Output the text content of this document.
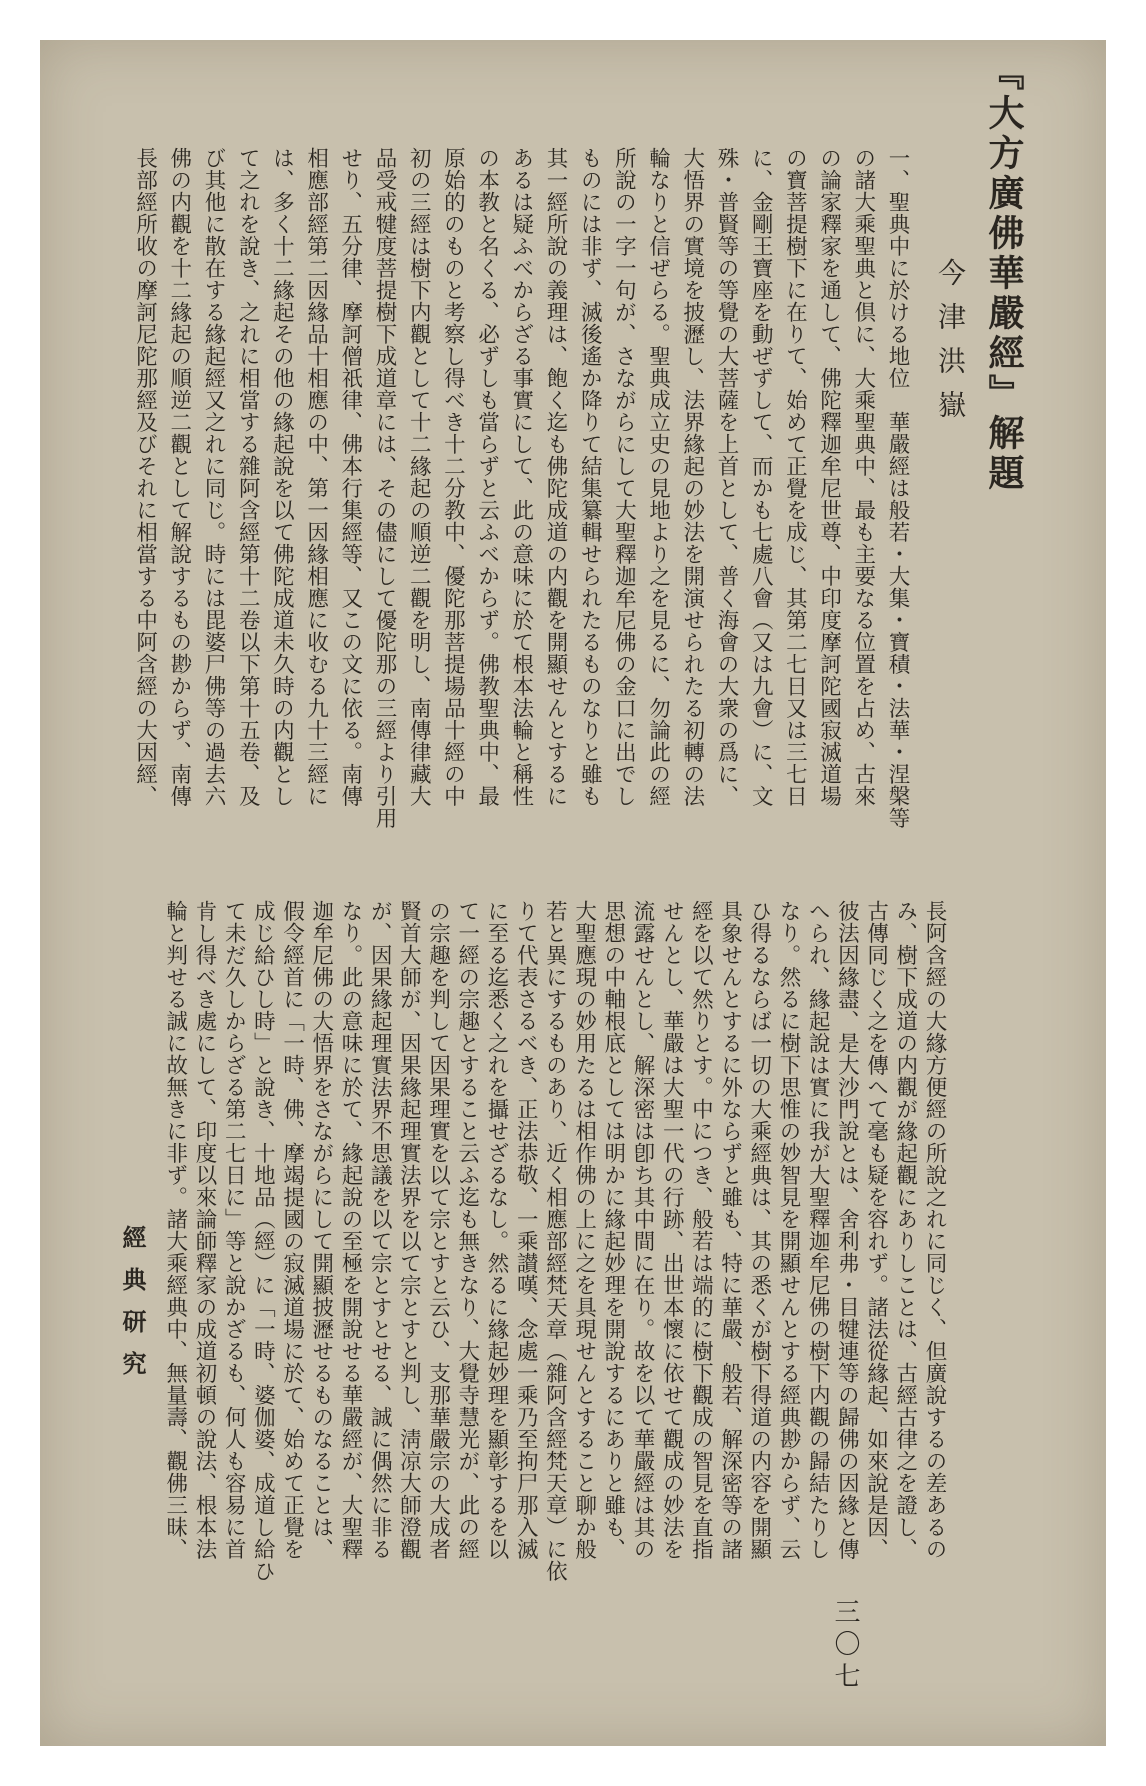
『大方廣佛華嚴經』解題
今津洪嶽
一、聖典中に於ける地位　華嚴經は般若・大集・寶積・法華・涅槃等
の諸大乘聖典と倶に、大乘聖典中、最も主要なる位置を占め、古來
の論家釋家を通して、佛陀釋迦牟尼世尊、中印度摩訶陀國寂滅道場
の寶菩提樹下に在りて、始めて正覺を成じ、其第二七日又は三七日
に、金剛王寶座を動ぜずして、而かも七處八會（又は九會）に、文
殊・普賢等の等覺の大菩薩を上首として、普く海會の大衆の爲に、
大悟界の實境を披瀝し、法界緣起の妙法を開演せられたる初轉の法
輪なりと信ぜらる。聖典成立史の見地より之を見るに、勿論此の經
所說の一字一句が、さながらにして大聖釋迦牟尼佛の金口に出でし
ものには非ず、滅後遙か降りて結集纂輯せられたるものなりと雖も
其一經所說の義理は、飽く迄も佛陀成道の内觀を開顯せんとするに
あるは疑ふべからざる事實にして、此の意味に於て根本法輪と稱性
の本教と名くる、必ずしも當らずと云ふべからず。佛教聖典中、最
原始的のものと考察し得べき十二分教中、優陀那菩提場品十經の中
初の三經は樹下内觀として十二緣起の順逆二觀を明し、南傳律藏大
品受戒犍度菩提樹下成道章には、その儘にして優陀那の三經より引用
せり、五分律、摩訶僧祇律、佛本行集經等、又この文に依る。南傳
相應部經第二因緣品十相應の中、第一因緣相應に收むる九十三經に
は、多く十二緣起その他の緣起說を以て佛陀成道未久時の内觀とし
て之れを說き、之れに相當する雜阿含經第十二卷以下第十五卷、及
び其他に散在する緣起經又之れに同じ。時には毘婆尸佛等の過去六
佛の内觀を十二緣起の順逆二觀として解說するもの尠からず、南傳
長部經所收の摩訶尼陀那經及びそれに相當する中阿含經の大因經、
經典研究	長阿含經の大緣方便經の所說之れに同じく、但廣說するの差あるの
み、樹下成道の内觀が緣起觀にありしことは、古經古律之を證し、
古傳同じく之を傳へて毫も疑を容れず。諸法從緣起、如來說是因、
彼法因緣盡、是大沙門說とは、舍利弗・目犍連等の歸佛の因緣と傳
へられ、緣起說は實に我が大聖釋迦牟尼佛の樹下内觀の歸結たりし
なり。然るに樹下思惟の妙智見を開顯せんとする經典尠からず、云
ひ得るならば一切の大乘經典は、其の悉くが樹下得道の内容を開顯
具象せんとするに外ならずと雖も、特に華嚴、般若、解深密等の諸
經を以て然りとす。中につき、般若は端的に樹下觀成の智見を直指
せんとし、華嚴は大聖一代の行跡、出世本懷に依せて觀成の妙法を
流露せんとし、解深密は卽ち其中間に在り。故を以て華嚴經は其の
思想の中軸根底としては明かに緣起妙理を開說するにありと雖も、
大聖應現の妙用たるは相作佛の上に之を具現せんとすること聊か般
若と異にするものあり、近く相應部經梵天章（雜阿含經梵天章）に依
りて代表さるべき、正法恭敬、一乘讃嘆、念處一乘乃至拘尸那入滅
に至る迄悉く之れを攝せざるなし。然るに緣起妙理を顯彰するを以
て一經の宗趣とすること云ふ迄も無きなり、大覺寺慧光が、此の經
の宗趣を判して因果理實を以て宗とすと云ひ、支那華嚴宗の大成者
賢首大師が、因果緣起理實法界を以て宗とすと判し、淸凉大師澄觀
が、因果緣起理實法界不思議を以て宗とすとせる、誠に偶然に非る
なり。此の意味に於て、緣起說の至極を開說せる華嚴經が、大聖釋
迦牟尼佛の大悟界をさながらにして開顯披瀝せるものなることは、
假令經首に「一時、佛、摩竭提國の寂滅道場に於て、始めて正覺を
成じ給ひし時」と說き、十地品（經）に「一時、婆伽婆、成道し給ひ
て未だ久しからざる第二七日に」等と說かざるも、何人も容易に首
肯し得べき處にして、印度以來論師釋家の成道初頓の說法、根本法
輪と判せる誠に故無きに非ず。諸大乘經典中、無量壽、觀佛三昧、
三〇七
